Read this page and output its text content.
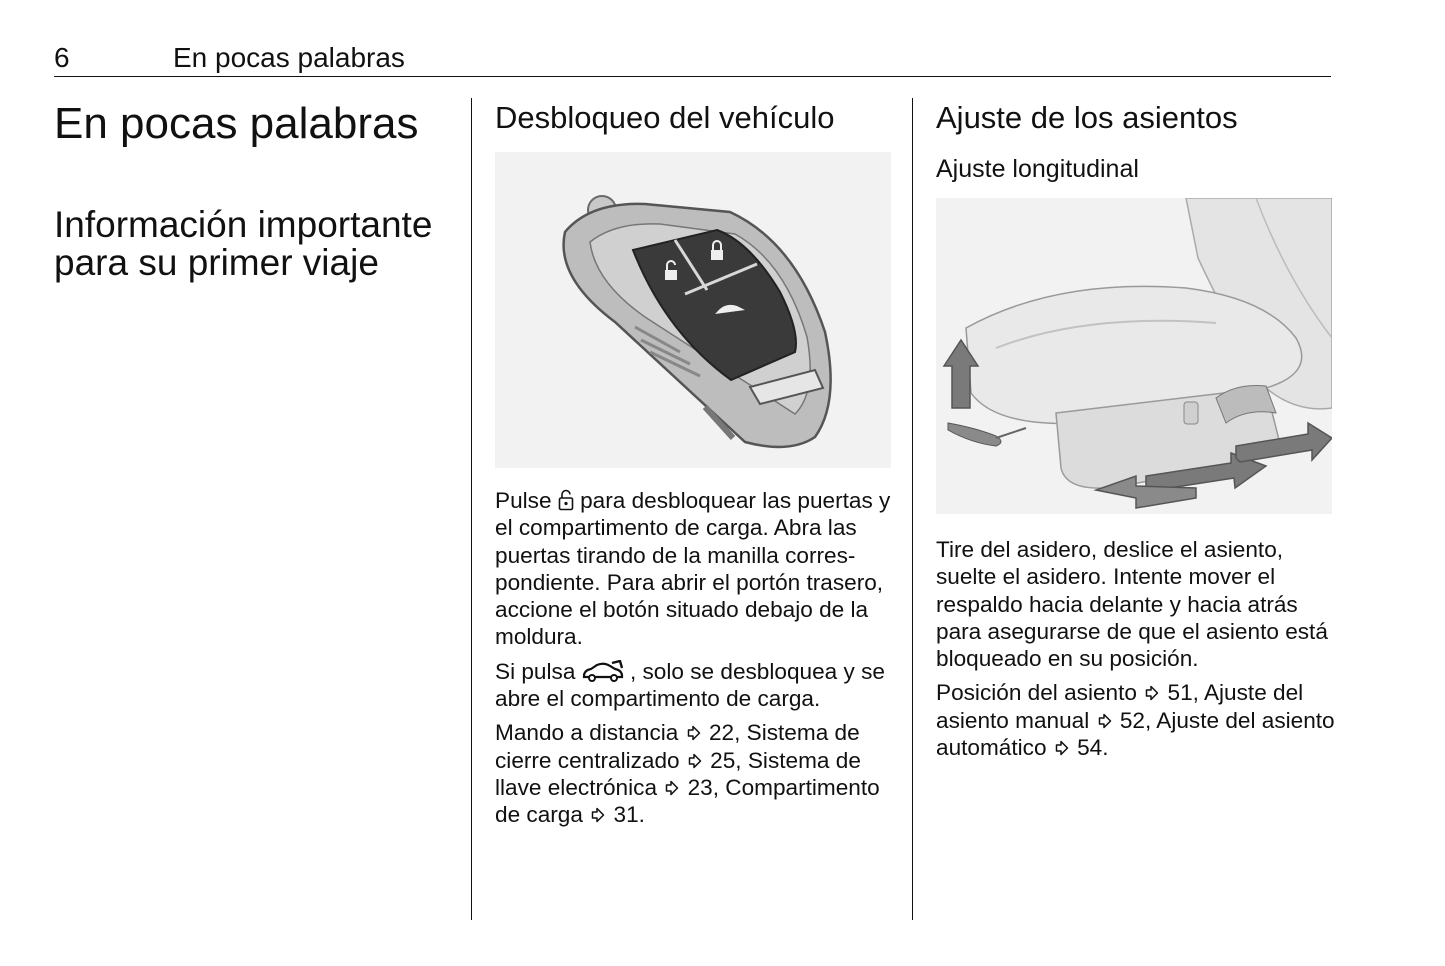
6	En pocas palabras
En pocas palabras
Información importante para su primer viaje
Desbloqueo del vehículo

Pulse para desbloquear las puertas y el compartimento de carga. Abra las puertas tirando de la manilla correspondiente. Para abrir el portón trasero, accione el botón situado debajo de la moldura.

Si pulsa , solo se desbloquea y se abre el compartimento de carga.

Mando a distancia 22, Sistema de cierre centralizado 25, Sistema de llave electrónica 23, Compartimento de carga 31.

Ajuste de los asientos
Ajuste longitudinal

Tire del asidero, deslice el asiento, suelte el asidero. Intente mover el respaldo hacia delante y hacia atrás para asegurarse de que el asiento está bloqueado en su posición.

Posición del asiento 51, Ajuste del asiento manual 52, Ajuste del asiento automático 54.
